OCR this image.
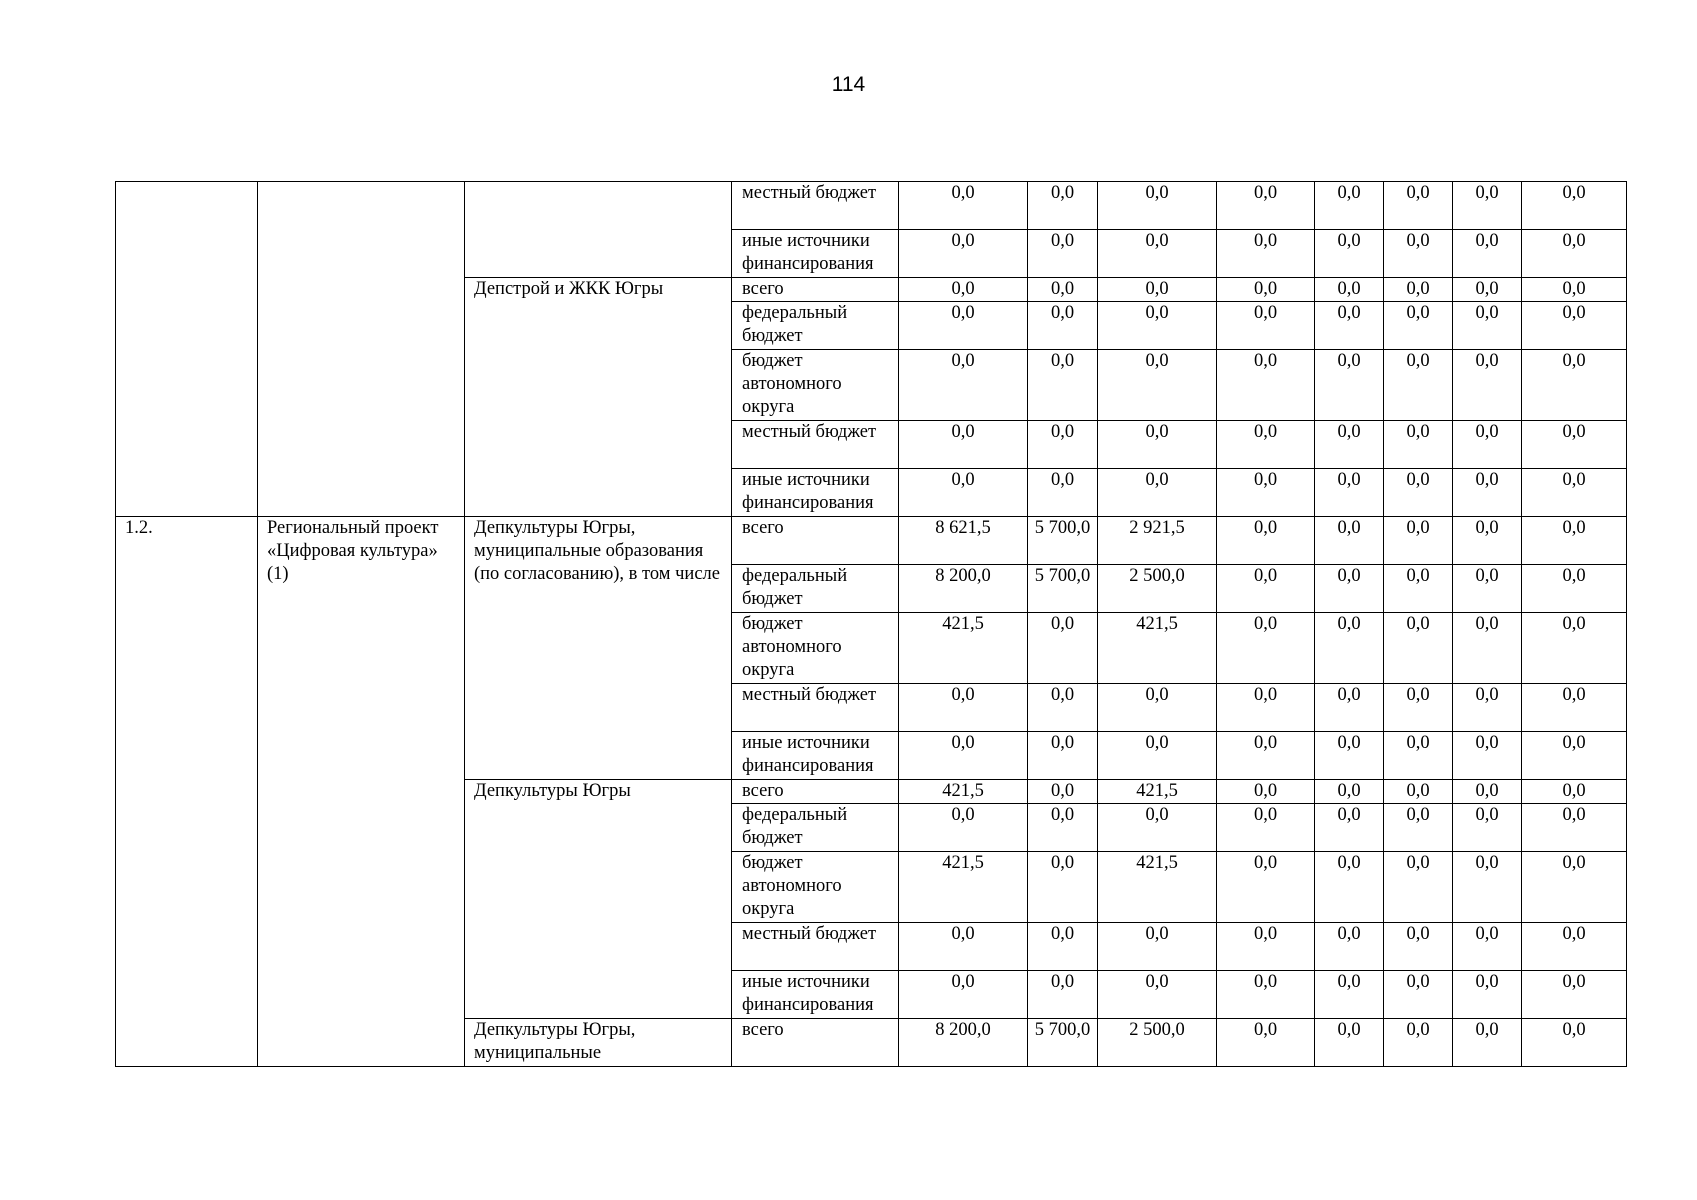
114
			местный бюджет	0,0	0,0	0,0	0,0	0,0	0,0	0,0	0,0
			иные источники финансирования	0,0	0,0	0,0	0,0	0,0	0,0	0,0	0,0
		Депстрой и ЖКК Югры	всего	0,0	0,0	0,0	0,0	0,0	0,0	0,0	0,0
			федеральный бюджет	0,0	0,0	0,0	0,0	0,0	0,0	0,0	0,0
			бюджет автономного округа	0,0	0,0	0,0	0,0	0,0	0,0	0,0	0,0
			местный бюджет	0,0	0,0	0,0	0,0	0,0	0,0	0,0	0,0
			иные источники финансирования	0,0	0,0	0,0	0,0	0,0	0,0	0,0	0,0
1.2.	Региональный проект «Цифровая культура» (1)	Депкультуры Югры, муниципальные образования (по согласованию), в том числе	всего	8 621,5	5 700,0	2 921,5	0,0	0,0	0,0	0,0	0,0
			федеральный бюджет	8 200,0	5 700,0	2 500,0	0,0	0,0	0,0	0,0	0,0
			бюджет автономного округа	421,5	0,0	421,5	0,0	0,0	0,0	0,0	0,0
			местный бюджет	0,0	0,0	0,0	0,0	0,0	0,0	0,0	0,0
			иные источники финансирования	0,0	0,0	0,0	0,0	0,0	0,0	0,0	0,0
		Депкультуры Югры	всего	421,5	0,0	421,5	0,0	0,0	0,0	0,0	0,0
			федеральный бюджет	0,0	0,0	0,0	0,0	0,0	0,0	0,0	0,0
			бюджет автономного округа	421,5	0,0	421,5	0,0	0,0	0,0	0,0	0,0
			местный бюджет	0,0	0,0	0,0	0,0	0,0	0,0	0,0	0,0
			иные источники финансирования	0,0	0,0	0,0	0,0	0,0	0,0	0,0	0,0
		Депкультуры Югры, муниципальные	всего	8 200,0	5 700,0	2 500,0	0,0	0,0	0,0	0,0	0,0
